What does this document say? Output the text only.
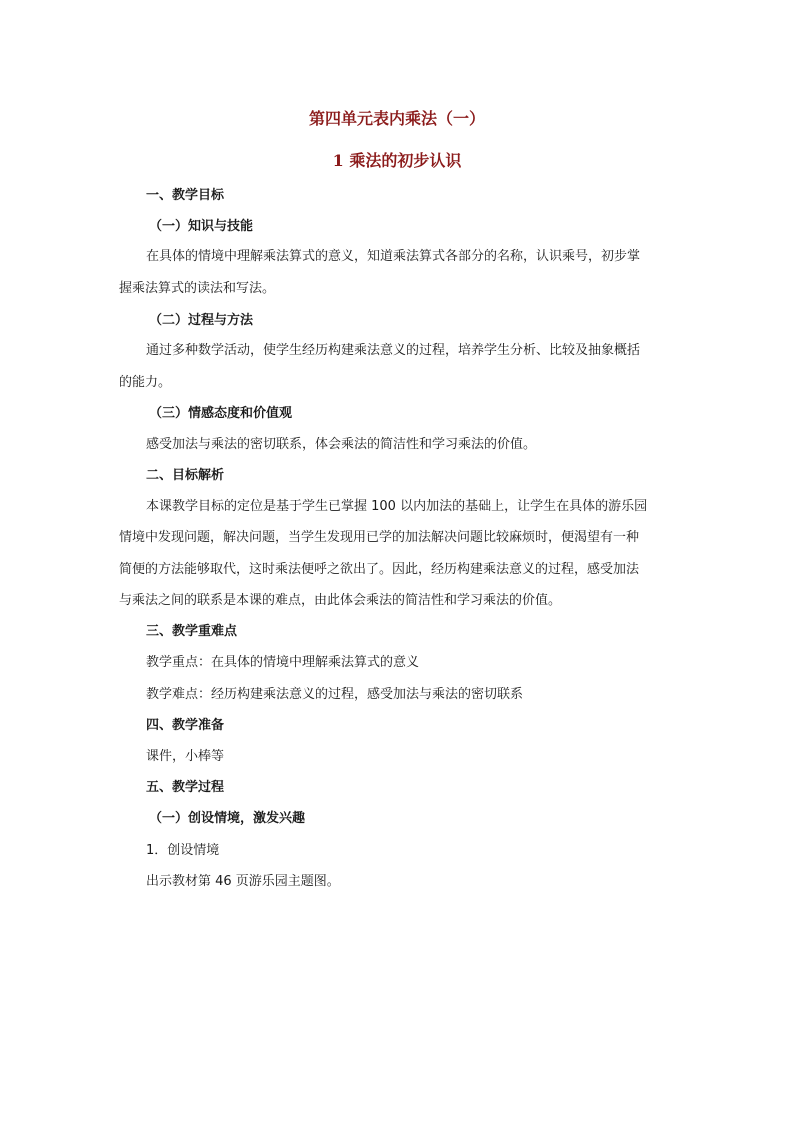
第四单元表内乘法（一）
1 乘法的初步认识
一、教学目标
（一）知识与技能
在具体的情境中理解乘法算式的意义，知道乘法算式各部分的名称，认识乘号，初步掌
握乘法算式的读法和写法。
（二）过程与方法
通过多种数学活动，使学生经历构建乘法意义的过程，培养学生分析、比较及抽象概括
的能力。
（三）情感态度和价值观
感受加法与乘法的密切联系，体会乘法的简洁性和学习乘法的价值。
二、目标解析
本课教学目标的定位是基于学生已掌握 100 以内加法的基础上，让学生在具体的游乐园
情境中发现问题，解决问题，当学生发现用已学的加法解决问题比较麻烦时，便渴望有一种
简便的方法能够取代，这时乘法便呼之欲出了。因此，经历构建乘法意义的过程，感受加法
与乘法之间的联系是本课的难点，由此体会乘法的简洁性和学习乘法的价值。
三、教学重难点
教学重点：在具体的情境中理解乘法算式的意义
教学难点：经历构建乘法意义的过程，感受加法与乘法的密切联系
四、教学准备
课件，小棒等
五、教学过程
（一）创设情境，激发兴趣
1．创设情境
出示教材第 46 页游乐园主题图。
